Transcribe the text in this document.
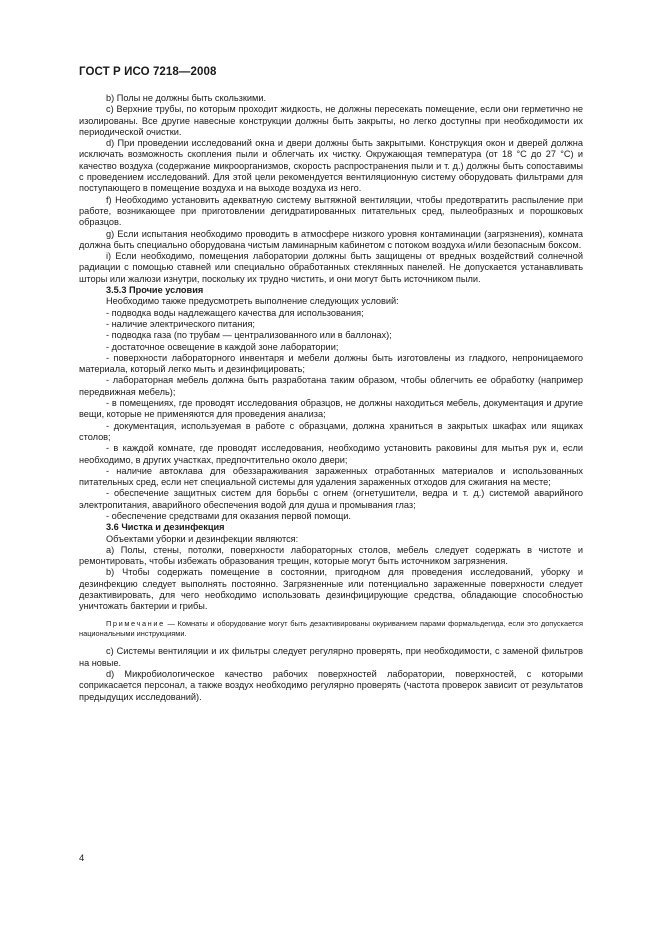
ГОСТ Р ИСО 7218—2008

b) Полы не должны быть скользкими.

c) Верхние трубы, по которым проходит жидкость, не должны пересекать помещение, если они герметично не изолированы. Все другие навесные конструкции должны быть закрыты, но легко доступны при необходимости их периодической очистки.

d) При проведении исследований окна и двери должны быть закрытыми. Конструкция окон и дверей должна исключать возможность скопления пыли и облегчать их чистку. Окружающая температура (от 18 °С до 27 °С) и качество воздуха (содержание микроорганизмов, скорость распространения пыли и т. д.) должны быть сопоставимы с проведением исследований. Для этой цели рекомендуется вентиляционную систему оборудовать фильтрами для поступающего в помещение воздуха и на выходе воздуха из него.

f) Необходимо установить адекватную систему вытяжной вентиляции, чтобы предотвратить распыление при работе, возникающее при приготовлении дегидратированных питательных сред, пылеобразных и порошковых образцов.

g) Если испытания необходимо проводить в атмосфере низкого уровня контаминации (загрязнения), комната должна быть специально оборудована чистым ламинарным кабинетом с потоком воздуха и/или безопасным боксом.

i) Если необходимо, помещения лаборатории должны быть защищены от вредных воздействий солнечной радиации с помощью ставней или специально обработанных стеклянных панелей. Не допускается устанавливать шторы или жалюзи изнутри, поскольку их трудно чистить, и они могут быть источником пыли.

3.5.3 Прочие условия

Необходимо также предусмотреть выполнение следующих условий:

- подводка воды надлежащего качества для использования;

- наличие электрического питания;

- подводка газа (по трубам — централизованного или в баллонах);

- достаточное освещение в каждой зоне лаборатории;

- поверхности лабораторного инвентаря и мебели должны быть изготовлены из гладкого, непроницаемого материала, который легко мыть и дезинфицировать;

- лабораторная мебель должна быть разработана таким образом, чтобы облегчить ее обработку (например передвижная мебель);

- в помещениях, где проводят исследования образцов, не должны находиться мебель, документация и другие вещи, которые не применяются для проведения анализа;

- документация, используемая в работе с образцами, должна храниться в закрытых шкафах или ящиках столов;

- в каждой комнате, где проводят исследования, необходимо установить раковины для мытья рук и, если необходимо, в других участках, предпочтительно около двери;

- наличие автоклава для обеззараживания зараженных отработанных материалов и использованных питательных сред, если нет специальной системы для удаления зараженных отходов для сжигания на месте;

- обеспечение защитных систем для борьбы с огнем (огнетушители, ведра и т. д.) системой аварийного электропитания, аварийного обеспечения водой для душа и промывания глаз;

- обеспечение средствами для оказания первой помощи.

3.6 Чистка и дезинфекция

Объектами уборки и дезинфекции являются:

a) Полы, стены, потолки, поверхности лабораторных столов, мебель следует содержать в чистоте и ремонтировать, чтобы избежать образования трещин, которые могут быть источником загрязнения.

b) Чтобы содержать помещение в состоянии, пригодном для проведения исследований, уборку и дезинфекцию следует выполнять постоянно. Загрязненные или потенциально зараженные поверхности следует дезактивировать, для чего необходимо использовать дезинфицирующие средства, обладающие способностью уничтожать бактерии и грибы.

Примечание — Комнаты и оборудование могут быть дезактивированы окуриванием парами формальдегида, если это допускается национальными инструкциями.

c) Системы вентиляции и их фильтры следует регулярно проверять, при необходимости, с заменой фильтров на новые.

d) Микробиологическое качество рабочих поверхностей лаборатории, поверхностей, с которыми соприкасается персонал, а также воздух необходимо регулярно проверять (частота проверок зависит от результатов предыдущих исследований).

4
